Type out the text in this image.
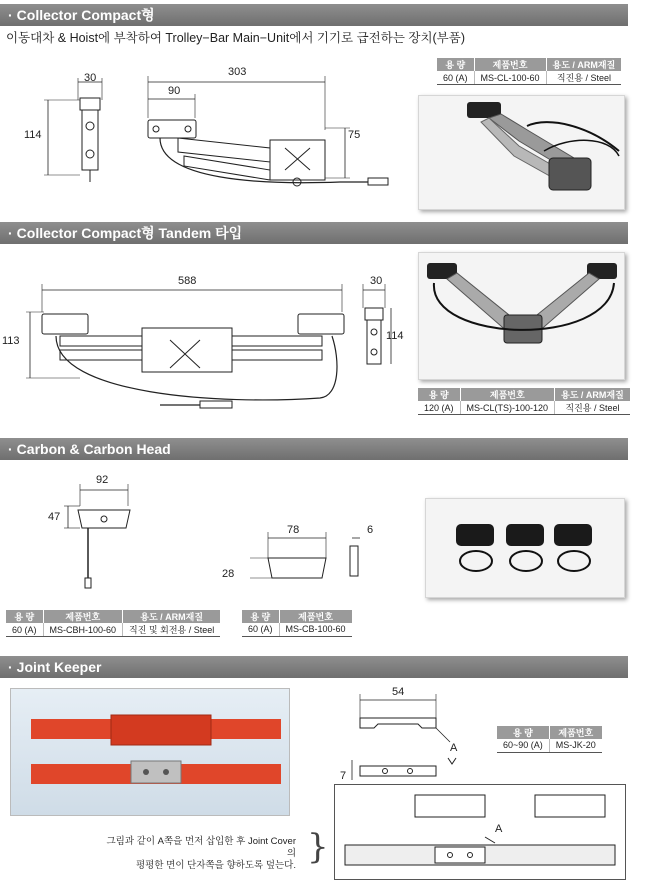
· Collector Compact형
이동대차 & Hoist에 부착하여 Trolley−Bar Main−Unit에서 기기로 급전하는 장치(부품)
30
114
303
90
75
용 량	제품번호	용도 / ARM재질
60 (A)	MS-CL-100-60	직진용 / Steel
· Collector Compact형 Tandem 타입
588
113
30
114
용 량	제품번호	용도 / ARM재질
120 (A)	MS-CL(TS)-100-120	직진용 / Steel
· Carbon & Carbon Head
92
47
78	6
28
용 량	제품번호	용도 / ARM재질
60 (A)	MS-CBH-100-60	직진 및 회전용 / Steel
용 량	제품번호
60 (A)	MS-CB-100-60
· Joint Keeper
54
7
A
용 량	제품번호
60~90 (A)	MS-JK-20
A
그림과 같이 A쪽을 먼저 삽입한 후 Joint Cover의
평평한 면이 단자쪽을 향하도록 덮는다. }
